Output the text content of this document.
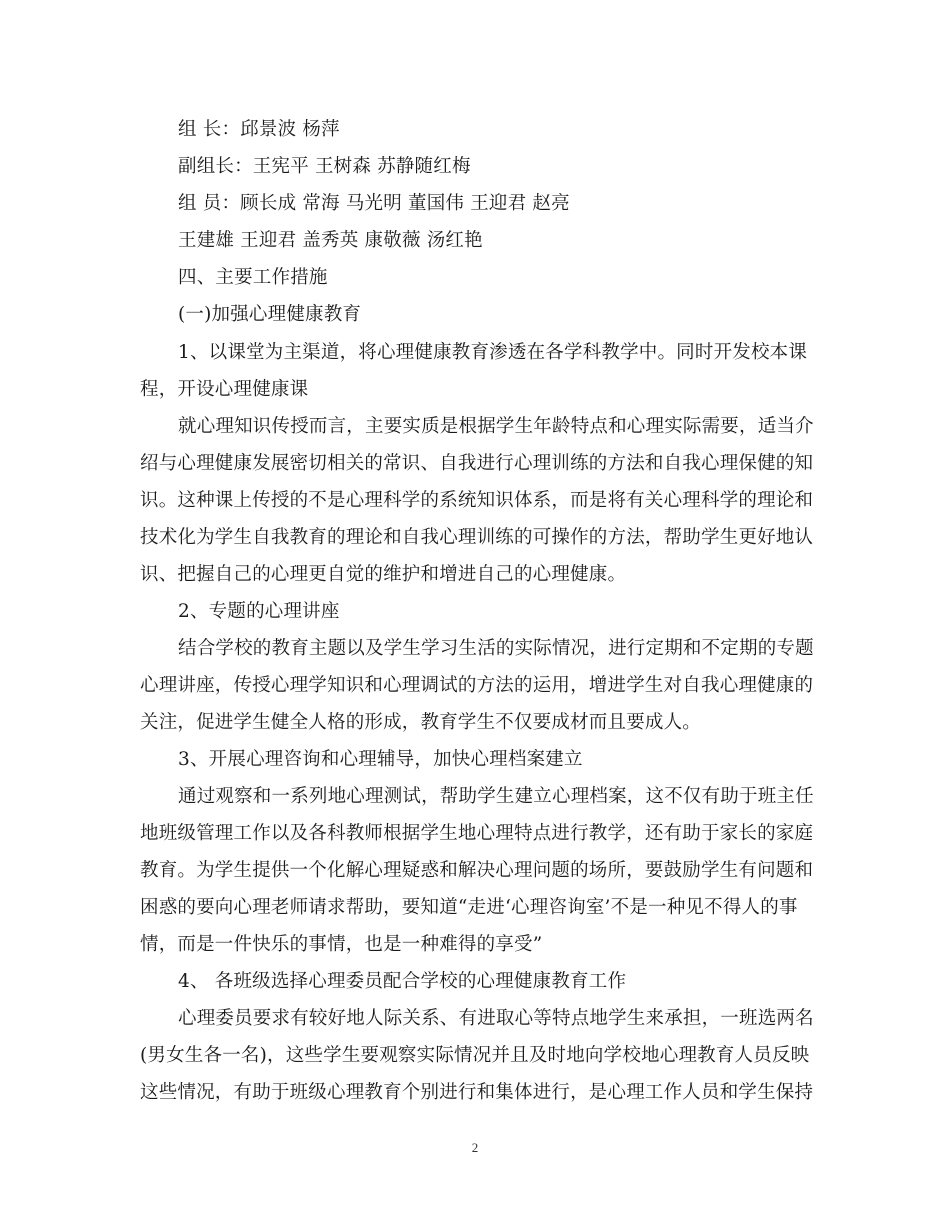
组 长：邱景波 杨萍
副组长：王宪平 王树森 苏静随红梅
组 员：顾长成 常海 马光明 董国伟 王迎君 赵亮
王建雄 王迎君 盖秀英 康敬薇 汤红艳
四、主要工作措施
(一)加强心理健康教育
1、以课堂为主渠道，将心理健康教育渗透在各学科教学中。同时开发校本课
程，开设心理健康课
就心理知识传授而言，主要实质是根据学生年龄特点和心理实际需要，适当介
绍与心理健康发展密切相关的常识、自我进行心理训练的方法和自我心理保健的知
识。这种课上传授的不是心理科学的系统知识体系，而是将有关心理科学的理论和
技术化为学生自我教育的理论和自我心理训练的可操作的方法，帮助学生更好地认
识、把握自己的心理更自觉的维护和增进自己的心理健康。
2、专题的心理讲座
结合学校的教育主题以及学生学习生活的实际情况，进行定期和不定期的专题
心理讲座，传授心理学知识和心理调试的方法的运用，增进学生对自我心理健康的
关注，促进学生健全人格的形成，教育学生不仅要成材而且要成人。
3、开展心理咨询和心理辅导，加快心理档案建立
通过观察和一系列地心理测试，帮助学生建立心理档案，这不仅有助于班主任
地班级管理工作以及各科教师根据学生地心理特点进行教学，还有助于家长的家庭
教育。为学生提供一个化解心理疑惑和解决心理问题的场所，要鼓励学生有问题和
困惑的要向心理老师请求帮助，要知道“走进‘心理咨询室’不是一种见不得人的事
情，而是一件快乐的事情，也是一种难得的享受”
4、 各班级选择心理委员配合学校的心理健康教育工作
心理委员要求有较好地人际关系、有进取心等特点地学生来承担，一班选两名
(男女生各一名)，这些学生要观察实际情况并且及时地向学校地心理教育人员反映
这些情况，有助于班级心理教育个别进行和集体进行，是心理工作人员和学生保持
2
